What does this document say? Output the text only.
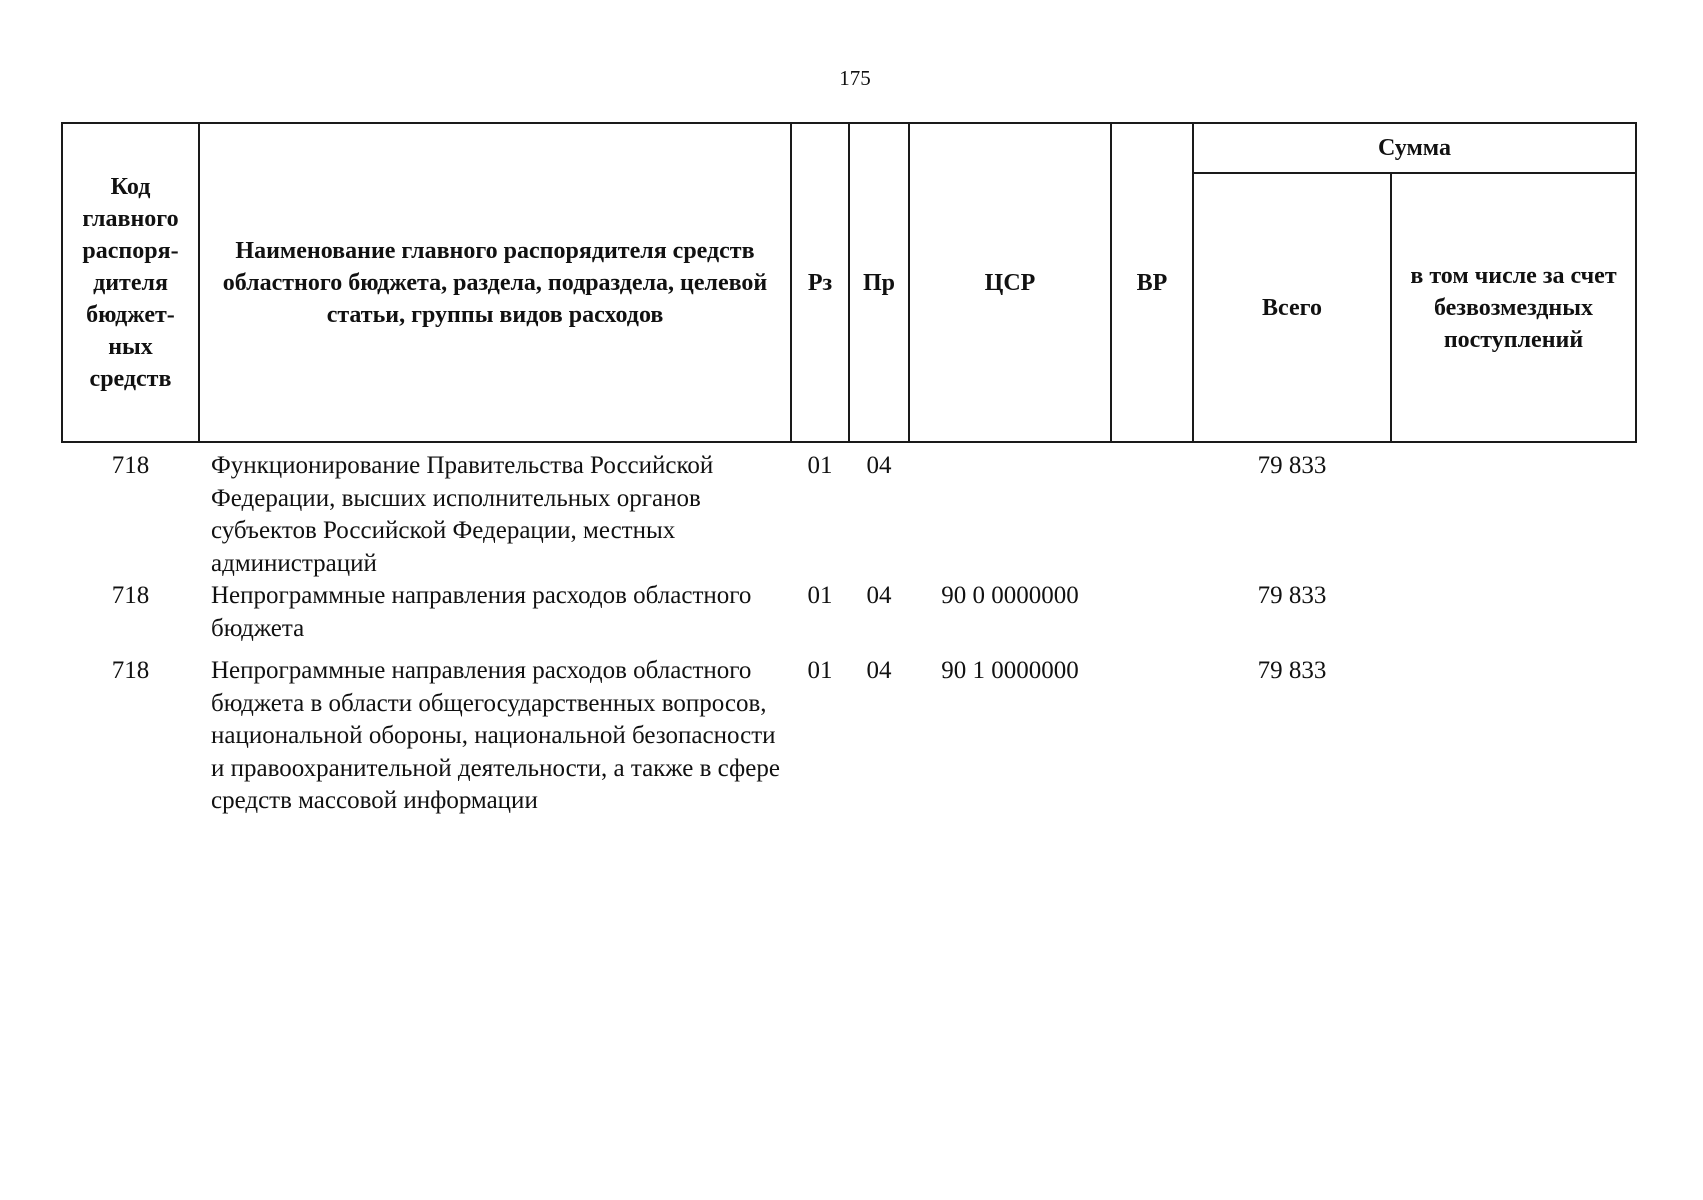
175
Код главного распоря-дителя бюджет-ных средств	Наименование главного распорядителя средств областного бюджета, раздела, подраздела, целевой статьи, группы видов расходов	Рз	Пр	ЦСР	ВР	Сумма	
						Всего	в том числе за счет безвозмездных поступлений
718	Функционирование Правительства Российской Федерации, высших исполнительных органов субъектов Российской Федерации, местных администраций	01	04			79 833	
718	Непрограммные направления расходов областного бюджета	01	04	90 0 0000000		79 833	
718	Непрограммные направления расходов областного бюджета в области общегосударственных вопросов, национальной обороны, национальной безопасности и правоохранительной деятельности, а также в сфере средств массовой информации	01	04	90 1 0000000		79 833	
